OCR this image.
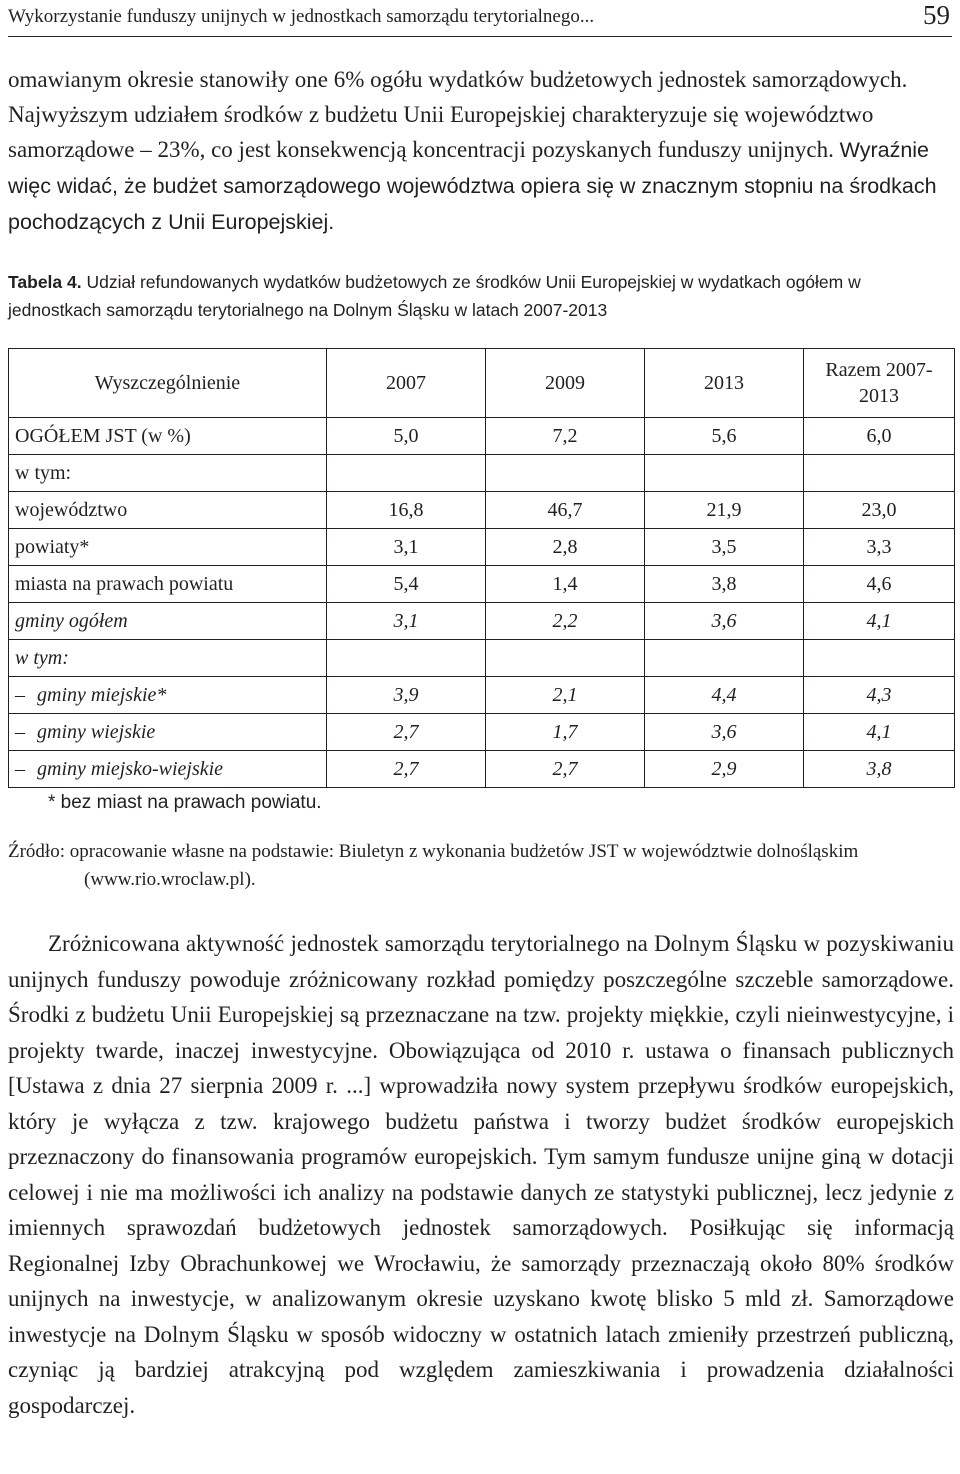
Wykorzystanie funduszy unijnych w jednostkach samorządu terytorialnego...	59

omawianym okresie stanowiły one 6% ogółu wydatków budżetowych jednostek samorządowych. Najwyższym udziałem środków z budżetu Unii Europejskiej charakteryzuje się województwo samorządowe – 23%, co jest konsekwencją koncentracji pozyskanych funduszy unijnych. Wyraźnie więc widać, że budżet samorządowego województwa opiera się w znacznym stopniu na środkach pochodzących z Unii Europejskiej.

Tabela 4. Udział refundowanych wydatków budżetowych ze środków Unii Europejskiej w wydatkach ogółem w jednostkach samorządu terytorialnego na Dolnym Śląsku w latach 2007-2013

Wyszczególnienie	2007	2009	2013	Razem 2007-2013
OGÓŁEM JST (w %)	5,0	7,2	5,6	6,0
w tym:				
województwo	16,8	46,7	21,9	23,0
powiaty*	3,1	2,8	3,5	3,3
miasta na prawach powiatu	5,4	1,4	3,8	4,6
gminy ogółem	3,1	2,2	3,6	4,1
w tym:				
– gminy miejskie*	3,9	2,1	4,4	4,3
– gminy wiejskie	2,7	1,7	3,6	4,1
– gminy miejsko-wiejskie	2,7	2,7	2,9	3,8

* bez miast na prawach powiatu.

Źródło: opracowanie własne na podstawie: Biuletyn z wykonania budżetów JST w województwie dolnośląskim (www.rio.wroclaw.pl).

Zróżnicowana aktywność jednostek samorządu terytorialnego na Dolnym Śląsku w pozyskiwaniu unijnych funduszy powoduje zróżnicowany rozkład pomiędzy poszczególne szczeble samorządowe. Środki z budżetu Unii Europejskiej są przeznaczane na tzw. projekty miękkie, czyli nieinwestycyjne, i projekty twarde, inaczej inwestycyjne. Obowiązująca od 2010 r. ustawa o finansach publicznych [Ustawa z dnia 27 sierpnia 2009 r. ...] wprowadziła nowy system przepływu środków europejskich, który je wyłącza z tzw. krajowego budżetu państwa i tworzy budżet środków europejskich przeznaczony do finansowania programów europejskich. Tym samym fundusze unijne giną w dotacji celowej i nie ma możliwości ich analizy na podstawie danych ze statystyki publicznej, lecz jedynie z imiennych sprawozdań budżetowych jednostek samorządowych. Posiłkując się informacją Regionalnej Izby Obrachunkowej we Wrocławiu, że samorządy przeznaczają około 80% środków unijnych na inwestycje, w analizowanym okresie uzyskano kwotę blisko 5 mld zł. Samorządowe inwestycje na Dolnym Śląsku w sposób widoczny w ostatnich latach zmieniły przestrzeń publiczną, czyniąc ją bardziej atrakcyjną pod względem zamieszkiwania i prowadzenia działalności gospodarczej.
